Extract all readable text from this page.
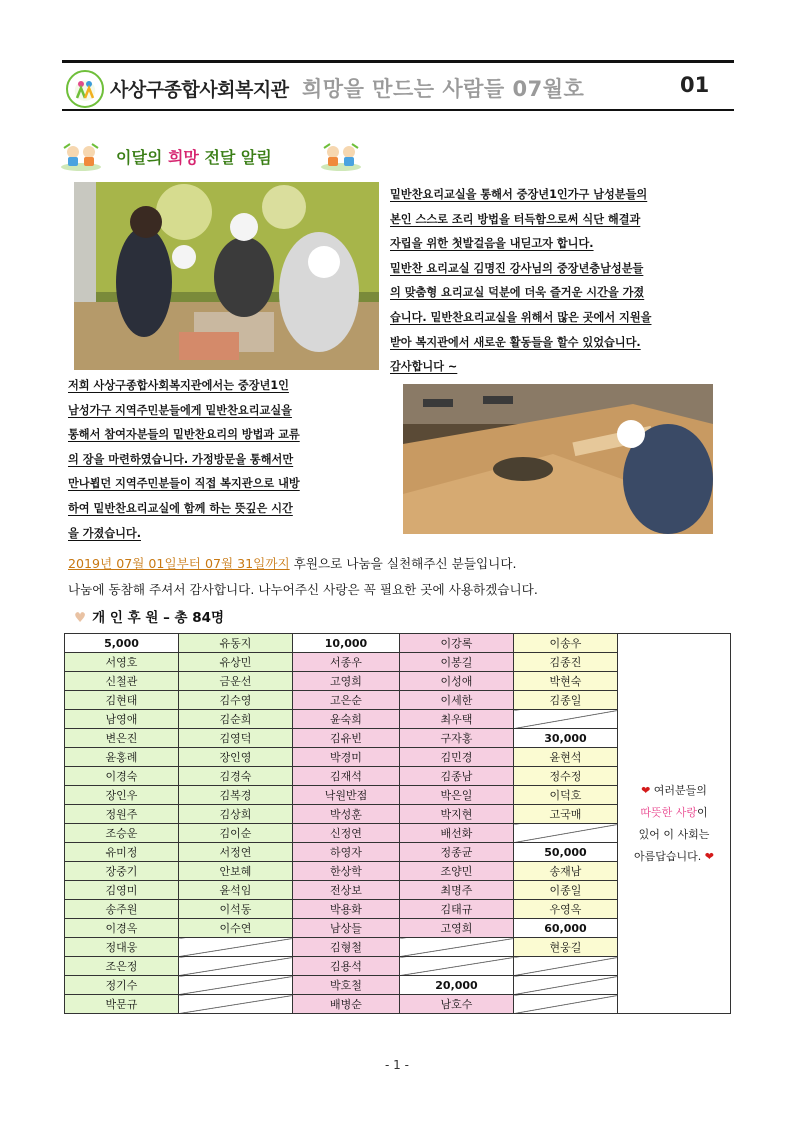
사상구종합사회복지관 희망을 만드는 사람들 07월호	01
이달의 희망 전달 알림
밑반찬요리교실을 통해서 중장년1인가구 남성분들의
본인 스스로 조리 방법을 터득함으로써 식단 해결과
자립을 위한 첫발걸음을 내딛고자 합니다.
밑반찬 요리교실 김명진 강사님의 중장년층남성분들
의 맞춤형 요리교실 덕분에 더욱 즐거운 시간을 가졌
습니다. 밑반찬요리교실을 위해서 많은 곳에서 지원을
받아 복지관에서 새로운 활동들을 할수 있었습니다.
감사합니다 ~
저희 사상구종합사회복지관에서는 중장년1인
남성가구 지역주민분들에게 밑반찬요리교실을
통해서 참여자분들의 밑반찬요리의 방법과 교류
의 장을 마련하였습니다. 가정방문을 통해서만
만나뵙던 지역주민분들이 직접 복지관으로 내방
하여 밑반찬요리교실에 함께 하는 뜻깊은 시간
을 가졌습니다.
2019년 07월 01일부터 07월 31일까지 후원으로 나눔을 실천해주신 분들입니다.
나눔에 동참해 주셔서 감사합니다. 나누어주신 사랑은 꼭 필요한 곳에 사용하겠습니다.
♥ 개 인 후 원 – 총 84명
5,000	유동지	10,000	이강록	이송우	❤ 여러분들의
따뜻한 사랑이
있어 이 사회는
아름답습니다. ❤

서영호	유상민	서종우	이봉길	김종진	
신철관	금운선	고영희	이성애	박현숙	
김현태	김수영	고은순	이세한	김종일	
남영애	김순희	윤숙희	최우택		
변은진	김영덕	김유빈	구자홍	30,000	
윤홍례	장인영	박경미	김민경	윤현석	
이경숙	김경숙	김재석	김종남	정수정	
장인우	김복경	낙원반점	박은일	이덕호	
정원주	김상희	박성훈	박지현	고국매	
조승운	김이순	신정연	배선화		
유미정	서정연	하영자	정종균	50,000	
장중기	안보혜	한상학	조양민	송재남	
김영미	윤석임	전상보	최명주	이종일	
송주원	이석동	박용화	김태규	우영옥	
이경옥	이수연	남상들	고영희	60,000	
정대웅		김형철		현웅길	
조은정		김용석			
정기수		박호철	20,000		
박문규		배병순	남호수		
- 1 -
